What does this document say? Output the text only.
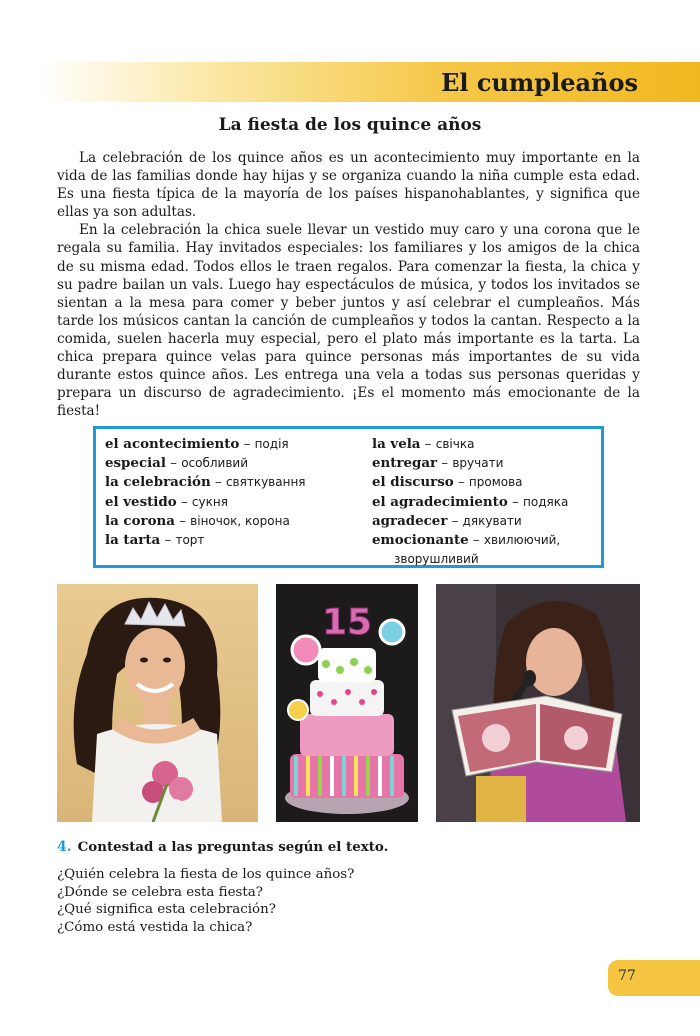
El cumpleaños
La fiesta de los quince años

La celebración de los quince años es un acontecimiento muy importante en la vida de las familias donde hay hijas y se organiza cuando la niña cumple esta edad. Es una fiesta típica de la mayoría de los países hispanohablantes, y significa que ellas ya son adultas.

En la celebración la chica suele llevar un vestido muy caro y una corona que le regala su familia. Hay invitados especiales: los familiares y los amigos de la chica de su misma edad. Todos ellos le traen regalos. Para comenzar la fiesta, la chica y su padre bailan un vals. Luego hay espectáculos de música, y todos los invitados se sientan a la mesa para comer y beber juntos y así celebrar el cumpleaños. Más tarde los músicos cantan la canción de cumpleaños y todos la cantan. Respecto a la comida, suelen hacerla muy especial, pero el plato más importante es la tarta. La chica prepara quince velas para quince personas más importantes de su vida durante estos quince años. Les entrega una vela a todas sus personas queridas y prepara un discurso de agradecimiento. ¡Es el momento más emocionante de la fiesta!

el acontecimiento – подія
especial – особливий
la celebración – святкування
el vestido – сукня
la corona – віночок, корона
la tarta – торт
la vela – свічка
entregar – вручати
el discurso – промова
el agradecimiento – подяка
agradecer – дякувати
emocionante – хвилюючий,
зворушливий
15
4. Contestad a las preguntas según el texto.
¿Quién celebra la fiesta de los quince años?
¿Dónde se celebra esta fiesta?
¿Qué significa esta celebración?
¿Cómo está vestida la chica?
77
